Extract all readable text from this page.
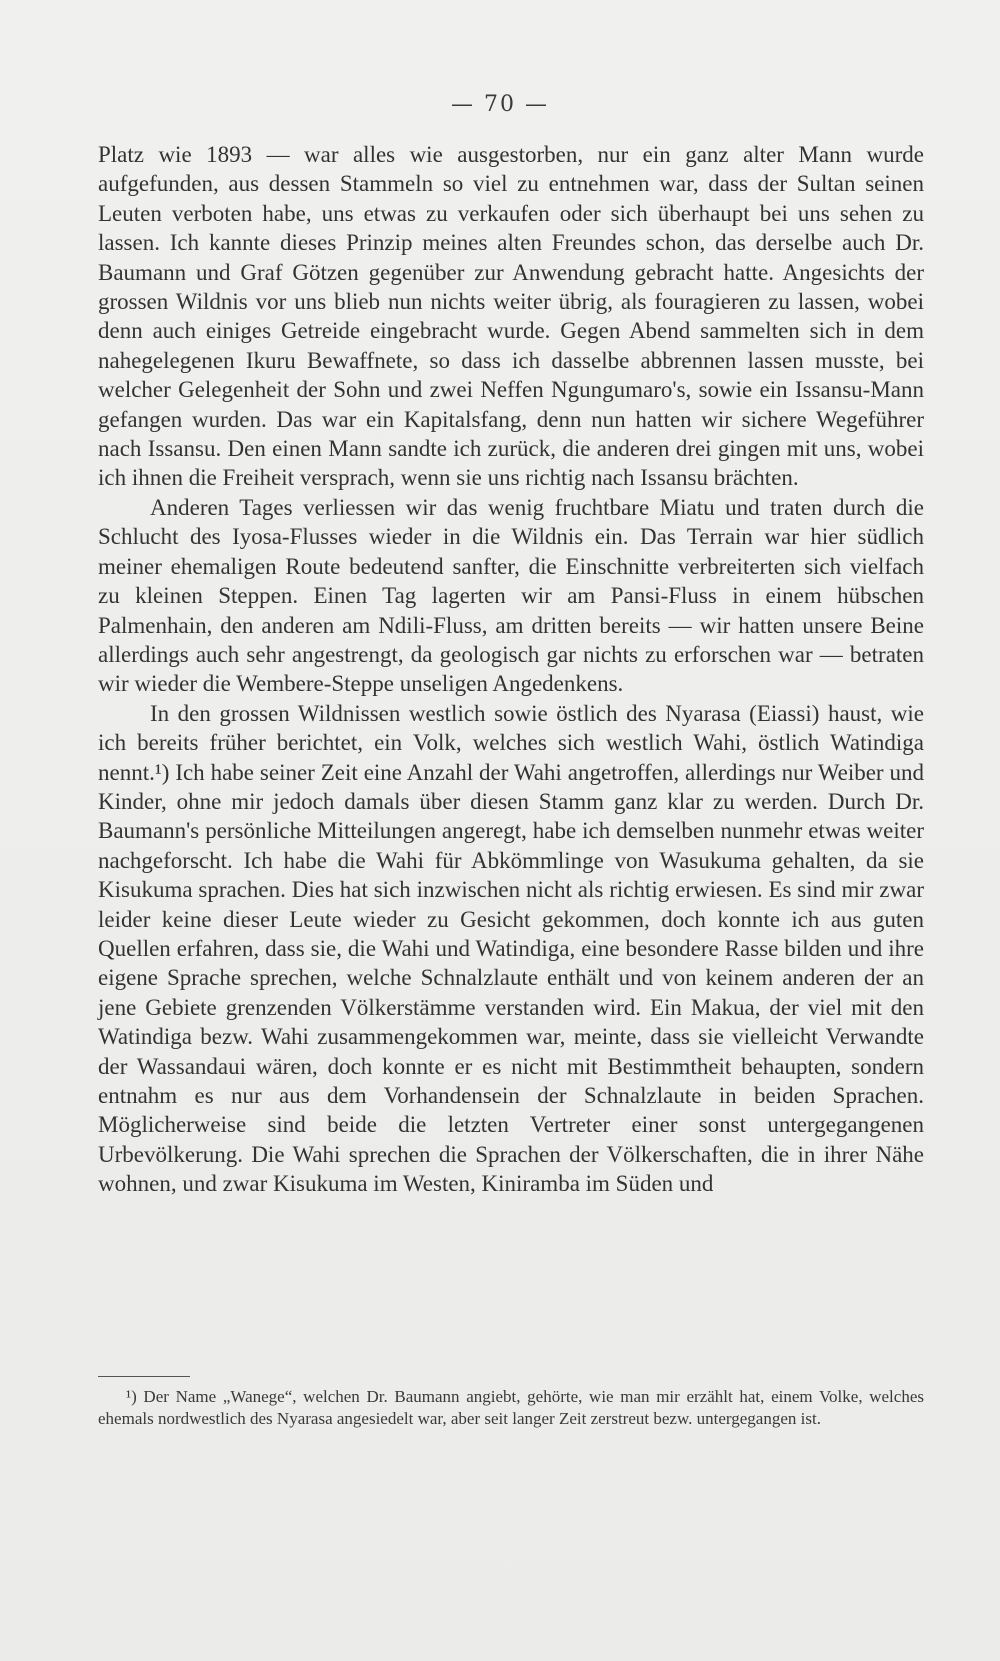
— 70 —

Platz wie 1893 — war alles wie ausgestorben, nur ein ganz alter Mann wurde aufgefunden, aus dessen Stammeln so viel zu entnehmen war, dass der Sultan seinen Leuten verboten habe, uns etwas zu verkaufen oder sich überhaupt bei uns sehen zu lassen. Ich kannte dieses Prinzip meines alten Freundes schon, das derselbe auch Dr. Baumann und Graf Götzen gegenüber zur Anwendung gebracht hatte. Angesichts der grossen Wildnis vor uns blieb nun nichts weiter übrig, als fouragieren zu lassen, wobei denn auch einiges Getreide eingebracht wurde. Gegen Abend sammelten sich in dem nahegelegenen Ikuru Bewaffnete, so dass ich dasselbe abbrennen lassen musste, bei welcher Gelegenheit der Sohn und zwei Neffen Ngungumaro's, sowie ein Issansu-Mann gefangen wurden. Das war ein Kapitalsfang, denn nun hatten wir sichere Wegeführer nach Issansu. Den einen Mann sandte ich zurück, die anderen drei gingen mit uns, wobei ich ihnen die Freiheit versprach, wenn sie uns richtig nach Issansu brächten.

Anderen Tages verliessen wir das wenig fruchtbare Miatu und traten durch die Schlucht des Iyosa-Flusses wieder in die Wildnis ein. Das Terrain war hier südlich meiner ehemaligen Route bedeutend sanfter, die Einschnitte verbreiterten sich vielfach zu kleinen Steppen. Einen Tag lagerten wir am Pansi-Fluss in einem hübschen Palmenhain, den anderen am Ndili-Fluss, am dritten bereits — wir hatten unsere Beine allerdings auch sehr angestrengt, da geologisch gar nichts zu erforschen war — betraten wir wieder die Wembere-Steppe unseligen Angedenkens.

In den grossen Wildnissen westlich sowie östlich des Nyarasa (Eiassi) haust, wie ich bereits früher berichtet, ein Volk, welches sich westlich Wahi, östlich Watindiga nennt.¹) Ich habe seiner Zeit eine Anzahl der Wahi angetroffen, allerdings nur Weiber und Kinder, ohne mir jedoch damals über diesen Stamm ganz klar zu werden. Durch Dr. Baumann's persönliche Mitteilungen angeregt, habe ich demselben nunmehr etwas weiter nachgeforscht. Ich habe die Wahi für Abkömmlinge von Wasukuma gehalten, da sie Kisukuma sprachen. Dies hat sich inzwischen nicht als richtig erwiesen. Es sind mir zwar leider keine dieser Leute wieder zu Gesicht gekommen, doch konnte ich aus guten Quellen erfahren, dass sie, die Wahi und Watindiga, eine besondere Rasse bilden und ihre eigene Sprache sprechen, welche Schnalzlaute enthält und von keinem anderen der an jene Gebiete grenzenden Völkerstämme verstanden wird. Ein Makua, der viel mit den Watindiga bezw. Wahi zusammengekommen war, meinte, dass sie vielleicht Verwandte der Wassandaui wären, doch konnte er es nicht mit Bestimmtheit behaupten, sondern entnahm es nur aus dem Vorhandensein der Schnalzlaute in beiden Sprachen. Möglicherweise sind beide die letzten Vertreter einer sonst untergegangenen Urbevölkerung. Die Wahi sprechen die Sprachen der Völkerschaften, die in ihrer Nähe wohnen, und zwar Kisukuma im Westen, Kiniramba im Süden und

¹) Der Name „Wanege“, welchen Dr. Baumann angiebt, gehörte, wie man mir erzählt hat, einem Volke, welches ehemals nordwestlich des Nyarasa angesiedelt war, aber seit langer Zeit zerstreut bezw. untergegangen ist.
